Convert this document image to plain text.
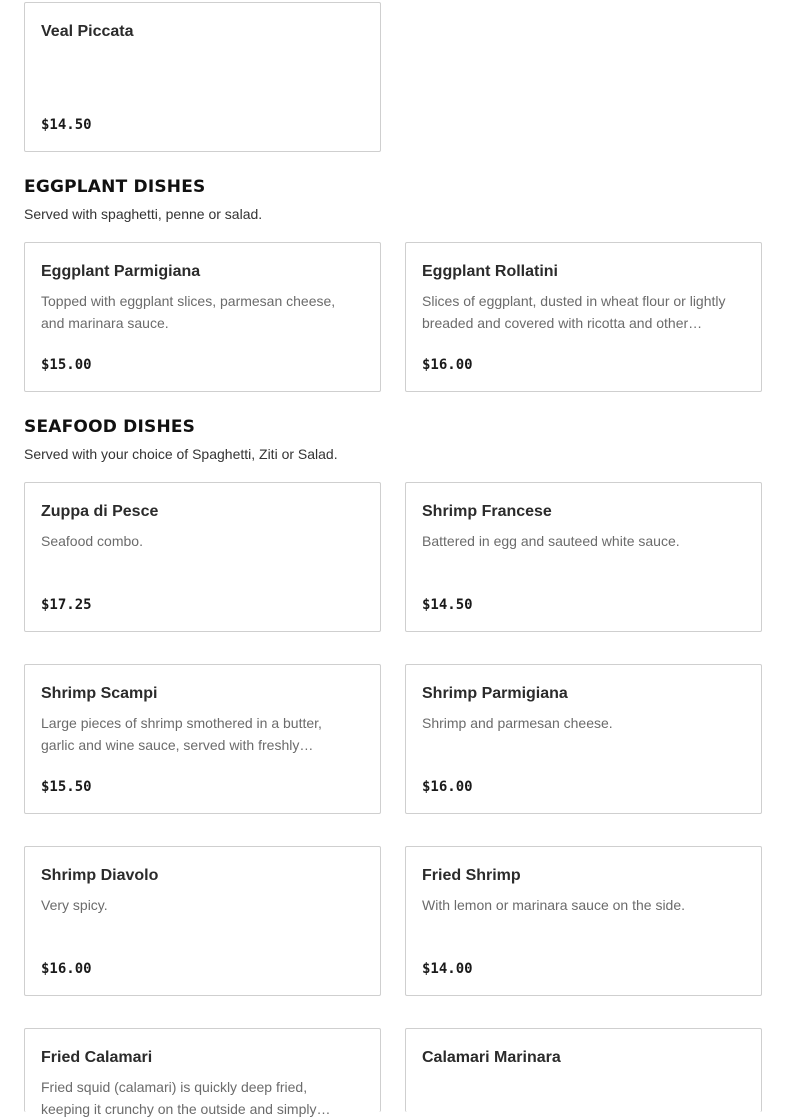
Veal Piccata
$14.50
EGGPLANT DISHES
Served with spaghetti, penne or salad.
Eggplant Parmigiana
Topped with eggplant slices, parmesan cheese, and marinara sauce.
$15.00
Eggplant Rollatini
Slices of eggplant, dusted in wheat flour or lightly breaded and covered with ricotta and other…
$16.00
SEAFOOD DISHES
Served with your choice of Spaghetti, Ziti or Salad.
Zuppa di Pesce
Seafood combo.
$17.25
Shrimp Francese
Battered in egg and sauteed white sauce.
$14.50
Shrimp Scampi
Large pieces of shrimp smothered in a butter, garlic and wine sauce, served with freshly…
$15.50
Shrimp Parmigiana
Shrimp and parmesan cheese.
$16.00
Shrimp Diavolo
Very spicy.
$16.00
Fried Shrimp
With lemon or marinara sauce on the side.
$14.00
Fried Calamari
Fried squid (calamari) is quickly deep fried, keeping it crunchy on the outside and simply…
Calamari Marinara
